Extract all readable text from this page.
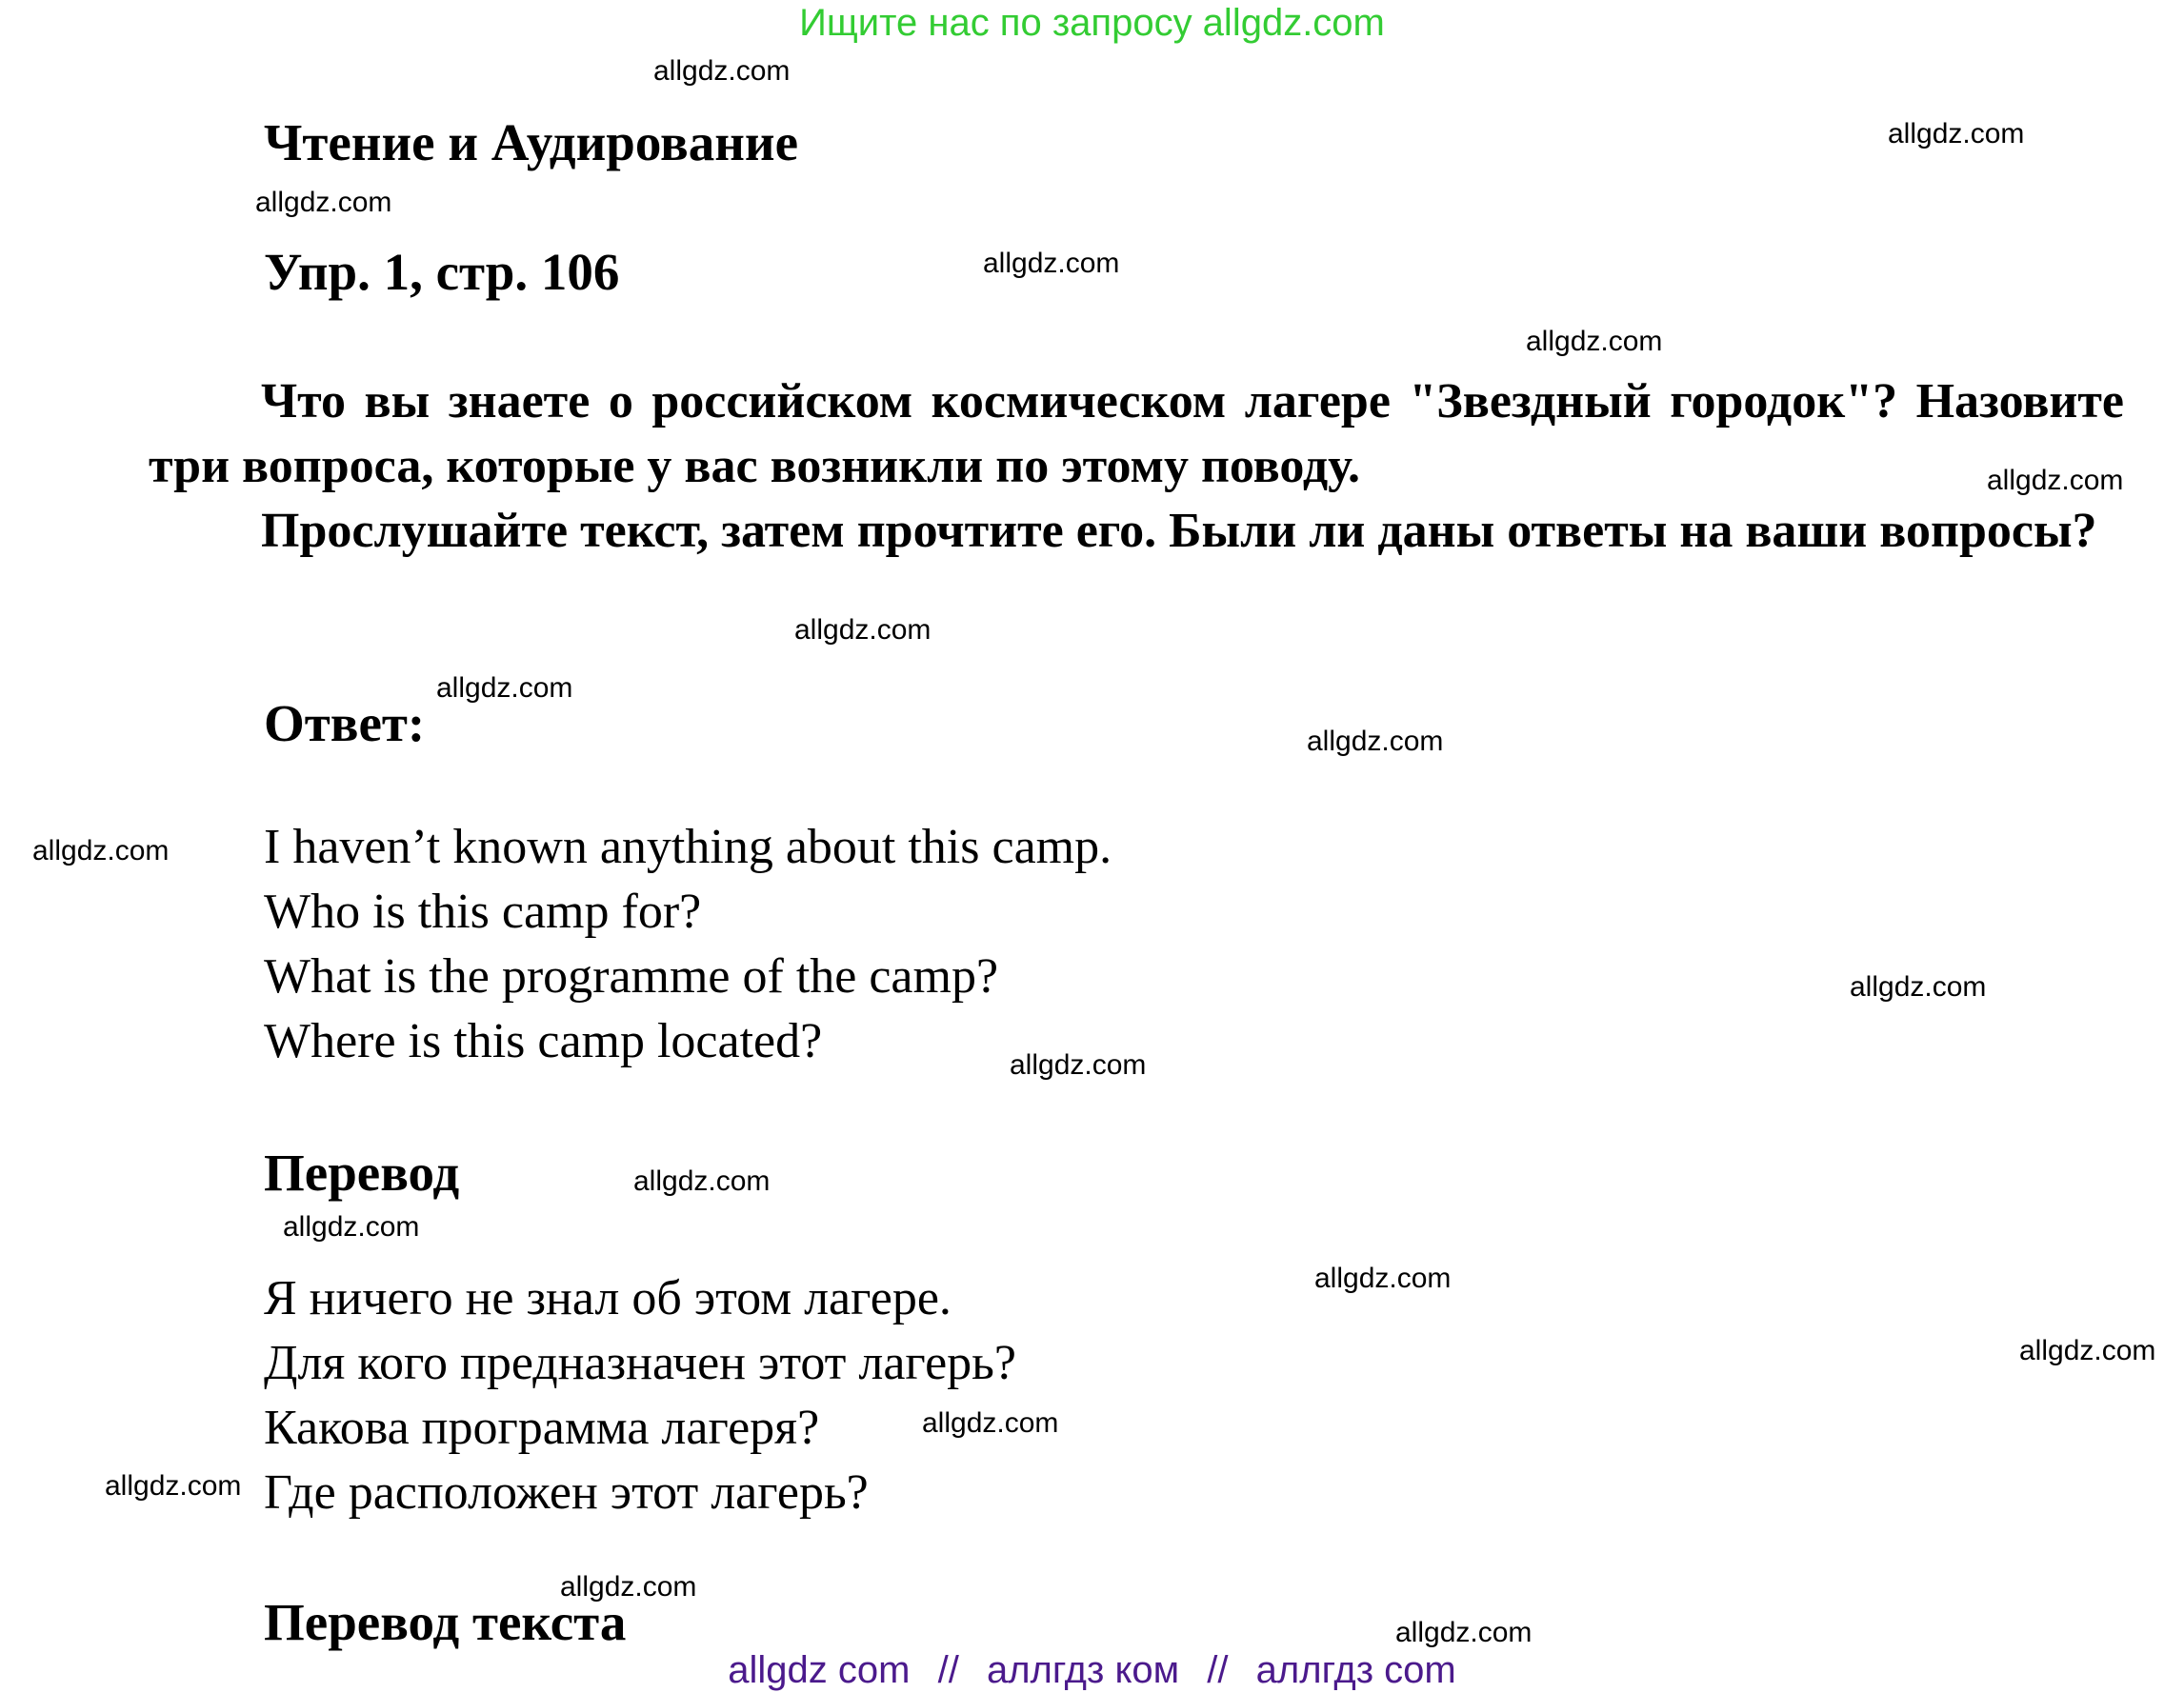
Ищите нас по запросу allgdz.com
Чтение и Аудирование
Упр. 1, стр. 106

Что вы знаете о российском космическом лагере "Звездный городок"? Назовите три вопроса, которые у вас возникли по этому поводу.

Прослушайте текст, затем прочтите его. Были ли даны ответы на ваши вопросы?

Ответ:
I haven’t known anything about this camp.
Who is this camp for?
What is the programme of the camp?
Where is this camp located?
Перевод
Я ничего не знал об этом лагере.
Для кого предназначен этот лагерь?
Какова программа лагеря?
Где расположен этот лагерь?
Перевод текста
allgdz com // аллгдз ком // аллгдз com
allgdz.com
allgdz.com
allgdz.com
allgdz.com
allgdz.com
allgdz.com
allgdz.com
allgdz.com
allgdz.com
allgdz.com
allgdz.com
allgdz.com
allgdz.com
allgdz.com
allgdz.com
allgdz.com
allgdz.com
allgdz.com
allgdz.com
allgdz.com
